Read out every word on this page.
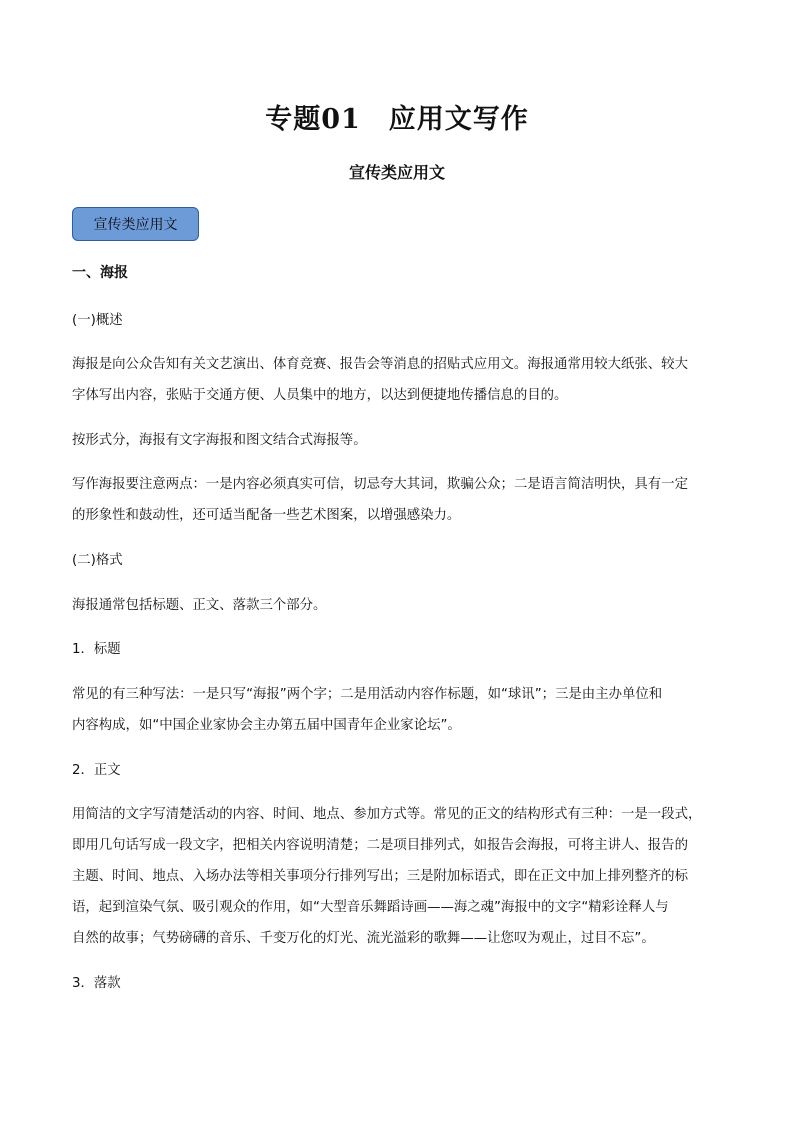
专题01　应用文写作
宣传类应用文
宣传类应用文
一、海报
(一)概述
海报是向公众告知有关文艺演出、体育竞赛、报告会等消息的招贴式应用文。海报通常用较大纸张、较大
字体写出内容，张贴于交通方便、人员集中的地方，以达到便捷地传播信息的目的。
按形式分，海报有文字海报和图文结合式海报等。
写作海报要注意两点：一是内容必须真实可信，切忌夸大其词，欺骗公众；二是语言简洁明快，具有一定
的形象性和鼓动性，还可适当配备一些艺术图案，以增强感染力。
(二)格式
海报通常包括标题、正文、落款三个部分。
1．标题
常见的有三种写法：一是只写“海报”两个字；二是用活动内容作标题，如“球讯”；三是由主办单位和
内容构成，如“中国企业家协会主办第五届中国青年企业家论坛”。
2．正文
用简洁的文字写清楚活动的内容、时间、地点、参加方式等。常见的正文的结构形式有三种：一是一段式，
即用几句话写成一段文字，把相关内容说明清楚；二是项目排列式，如报告会海报，可将主讲人、报告的
主题、时间、地点、入场办法等相关事项分行排列写出；三是附加标语式，即在正文中加上排列整齐的标
语，起到渲染气氛、吸引观众的作用，如“大型音乐舞蹈诗画——海之魂”海报中的文字“精彩诠释人与
自然的故事；气势磅礴的音乐、千变万化的灯光、流光溢彩的歌舞——让您叹为观止，过目不忘”。
3．落款
